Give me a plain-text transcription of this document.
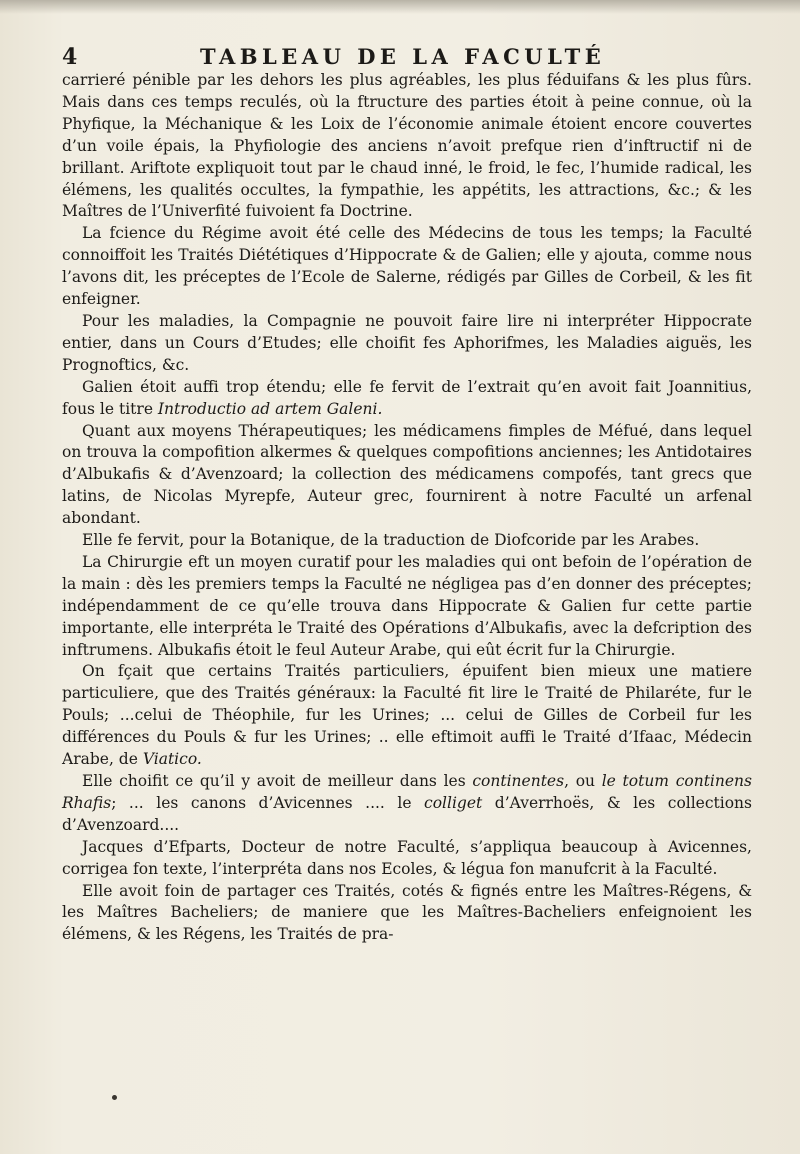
4	TABLEAU DE LA FACULTÉ

carrieré pénible par les dehors les plus agréables, les plus féduifans & les plus fûrs. Mais dans ces temps reculés, où la ftructure des parties étoit à peine connue, où la Phyfique, la Méchanique & les Loix de l’économie animale étoient encore couvertes d’un voile épais, la Phyfiologie des anciens n’avoit prefque rien d’inftructif ni de brillant. Ariftote expliquoit tout par le chaud inné, le froid, le fec, l’humide radical, les élémens, les qualités occultes, la fympathie, les appétits, les attractions, &c.; & les Maîtres de l’Univerfité fuivoient fa Doctrine.

La fcience du Régime avoit été celle des Médecins de tous les temps; la Faculté connoiffoit les Traités Diététiques d’Hippocrate & de Galien; elle y ajouta, comme nous l’avons dit, les préceptes de l’Ecole de Salerne, rédigés par Gilles de Corbeil, & les fit enfeigner.

Pour les maladies, la Compagnie ne pouvoit faire lire ni interpréter Hippocrate entier, dans un Cours d’Etudes; elle choifit fes Aphorifmes, les Maladies aiguës, les Prognoftics, &c.

Galien étoit auffi trop étendu; elle fe fervit de l’extrait qu’en avoit fait Joannitius, fous le titre Introductio ad artem Galeni.

Quant aux moyens Thérapeutiques; les médicamens fimples de Méfué, dans lequel on trouva la compofition alkermes & quelques compofitions anciennes; les Antidotaires d’Albukafis & d’Avenzoard; la collection des médicamens compofés, tant grecs que latins, de Nicolas Myrepfe, Auteur grec, fournirent à notre Faculté un arfenal abondant.

Elle fe fervit, pour la Botanique, de la traduction de Diofcoride par les Arabes.

La Chirurgie eft un moyen curatif pour les maladies qui ont befoin de l’opération de la main : dès les premiers temps la Faculté ne négligea pas d’en donner des préceptes; indépendamment de ce qu’elle trouva dans Hippocrate & Galien fur cette partie importante, elle interpréta le Traité des Opérations d’Albukafis, avec la defcription des inftrumens. Albukafis étoit le feul Auteur Arabe, qui eût écrit fur la Chirurgie.

On fçait que certains Traités particuliers, épuifent bien mieux une matiere particuliere, que des Traités généraux: la Faculté fit lire le Traité de Philaréte, fur le Pouls; ...celui de Théophile, fur les Urines; ... celui de Gilles de Corbeil fur les différences du Pouls & fur les Urines; .. elle eftimoit auffi le Traité d’Ifaac, Médecin Arabe, de Viatico.

Elle choifit ce qu’il y avoit de meilleur dans les continentes, ou le totum continens Rhafis; ... les canons d’Avicennes .... le colliget d’Averrhoës, & les collections d’Avenzoard....

Jacques d’Efparts, Docteur de notre Faculté, s’appliqua beaucoup à Avicennes, corrigea fon texte, l’interpréta dans nos Ecoles, & légua fon manufcrit à la Faculté.

Elle avoit foin de partager ces Traités, cotés & fignés entre les Maîtres-Régens, & les Maîtres Bacheliers; de maniere que les Maîtres-Bacheliers enfeignoient les élémens, & les Régens, les Traités de pra-
